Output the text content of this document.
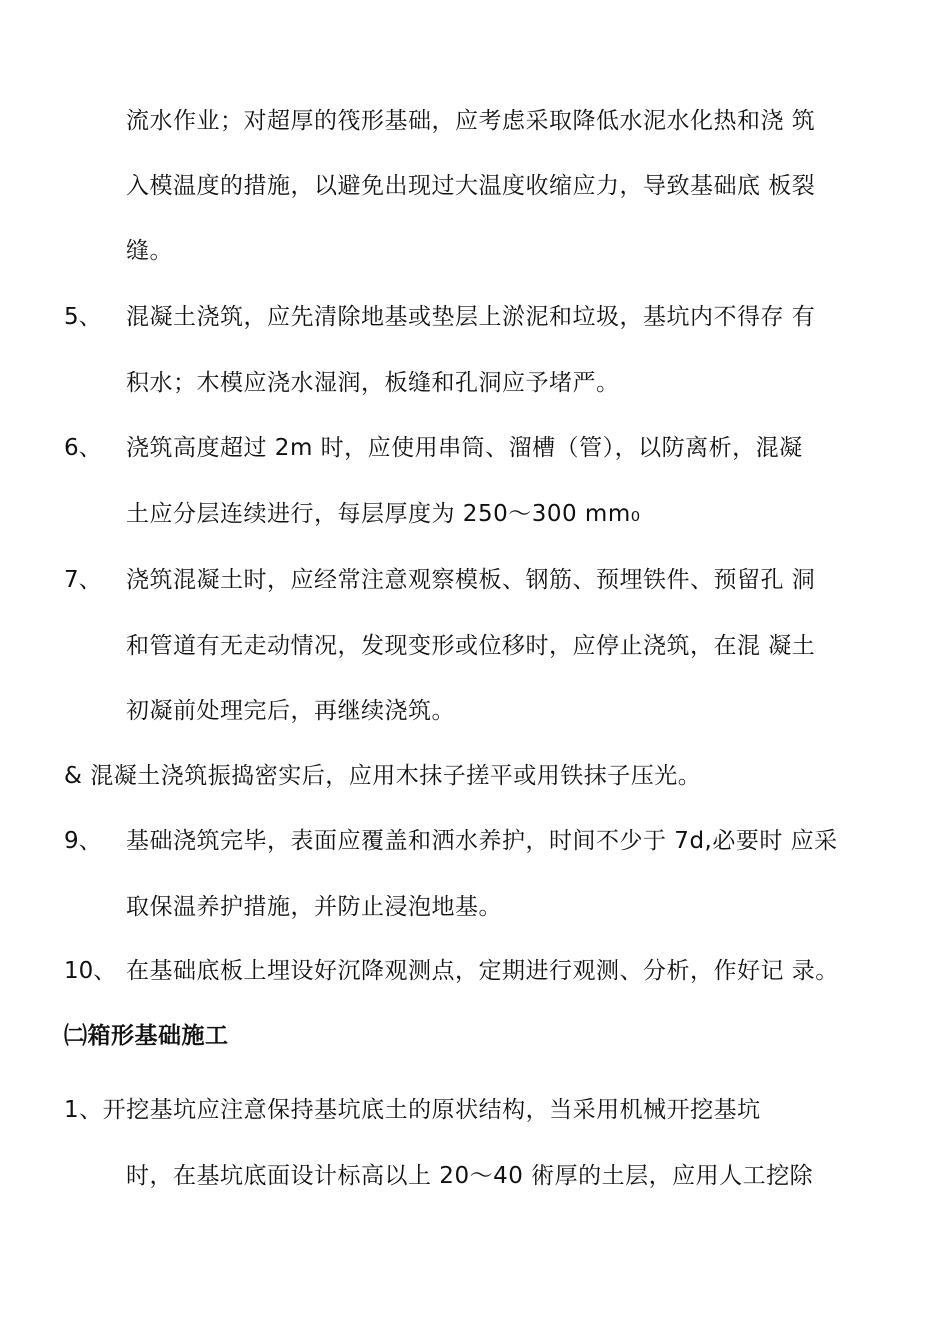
流水作业；对超厚的筏形基础，应考虑采取降低水泥水化热和浇 筑
入模温度的措施，以避免出现过大温度收缩应力，导致基础底 板裂
缝。
5、 混凝土浇筑，应先清除地基或垫层上淤泥和垃圾，基坑内不得存 有
积水；木模应浇水湿润，板缝和孔洞应予堵严。
6、 浇筑高度超过 2m 时，应使用串筒、溜槽（管），以防离析，混凝
土应分层连续进行，每层厚度为 250〜300 mm₀
7、 浇筑混凝土时，应经常注意观察模板、钢筋、预埋铁件、预留孔 洞
和管道有无走动情况，发现变形或位移时，应停止浇筑，在混 凝土
初凝前处理完后，再继续浇筑。
& 混凝土浇筑振捣密实后，应用木抹子搓平或用铁抹子压光。
9、 基础浇筑完毕，表面应覆盖和洒水养护，时间不少于 7d,必要时 应采
取保温养护措施，并防止浸泡地基。
10、 在基础底板上埋设好沉降观测点，定期进行观测、分析，作好记 录。
㈡箱形基础施工
1、开挖基坑应注意保持基坑底土的原状结构，当采用机械开挖基坑
时，在基坑底面设计标高以上 20〜40 術厚的土层，应用人工挖除
